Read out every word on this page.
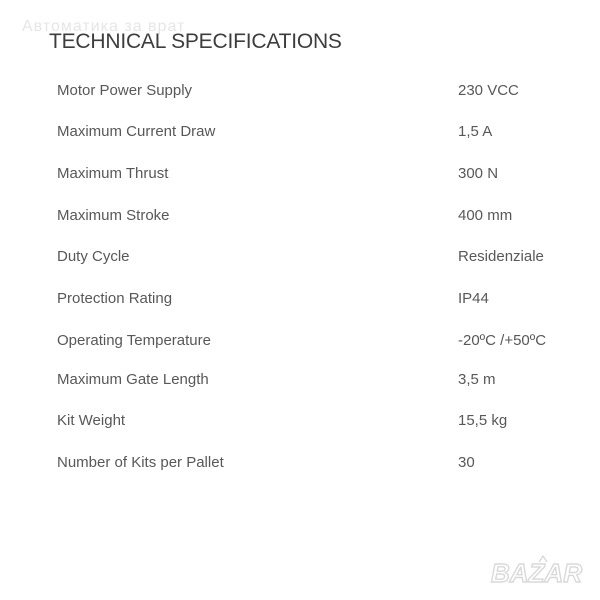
Автоматика за врат
TECHNICAL SPECIFICATIONS
Motor Power Supply	230 VCC
Maximum Current Draw	1,5 A
Maximum Thrust	300 N
Maximum Stroke	400 mm
Duty Cycle	Residenziale
Protection Rating	IP44
Operating Temperature	-20ºC /+50ºC
Maximum Gate Length	3,5 m
Kit Weight	15,5 kg
Number of Kits per Pallet	30
BAZAR
